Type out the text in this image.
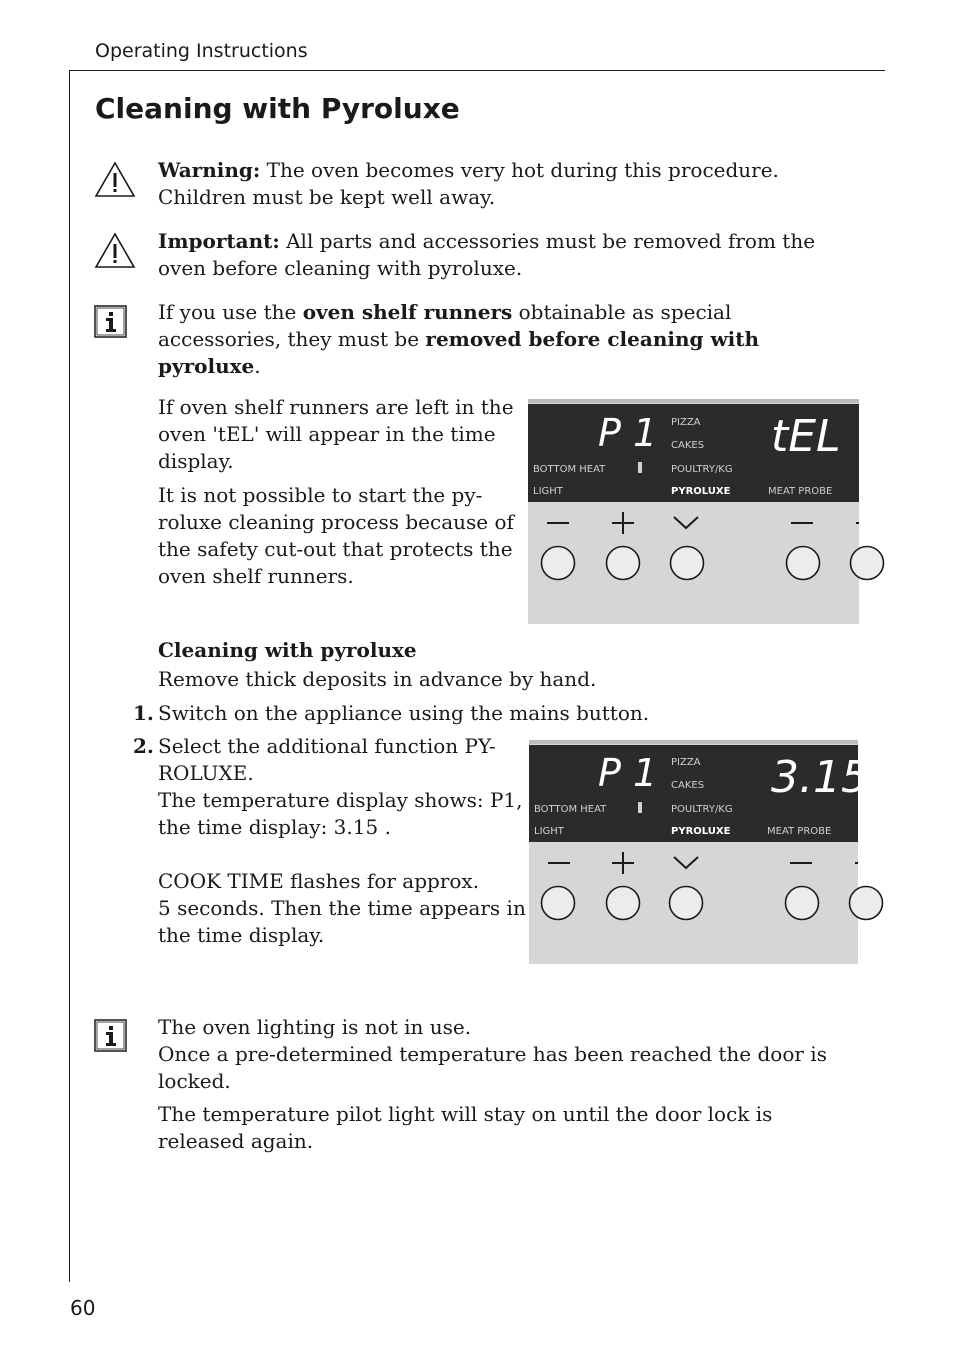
Operating Instructions
Cleaning with Pyroluxe
Warning: The oven becomes very hot during this procedure. Children must be kept well away.
Important: All parts and accessories must be removed from the oven before cleaning with pyroluxe.
If you use the oven shelf runners obtainable as special accessories, they must be removed before cleaning with pyroluxe.
If oven shelf runners are left in the oven 'tEL' will appear in the time display.
It is not possible to start the py-roluxe cleaning process because of the safety cut-out that protects the oven shelf runners.
P 1	tEL
PIZZA
CAKES
BOTTOM HEAT	POULTRY/KG
LIGHT	PYROLUXE	MEAT PROBE
Cleaning with pyroluxe
Remove thick deposits in advance by hand.
1. Switch on the appliance using the mains button.
2. Select the additional function PY-
ROLUXE.
The temperature display shows: P1,
the time display: 3.15 .
COOK TIME flashes for approx.
5 seconds. Then the time appears in
the time display.
P 1	3.15
PIZZA
CAKES
BOTTOM HEAT	POULTRY/KG
LIGHT	PYROLUXE	MEAT PROBE
The oven lighting is not in use.
Once a pre-determined temperature has been reached the door is locked.
The temperature pilot light will stay on until the door lock is released again.
60
